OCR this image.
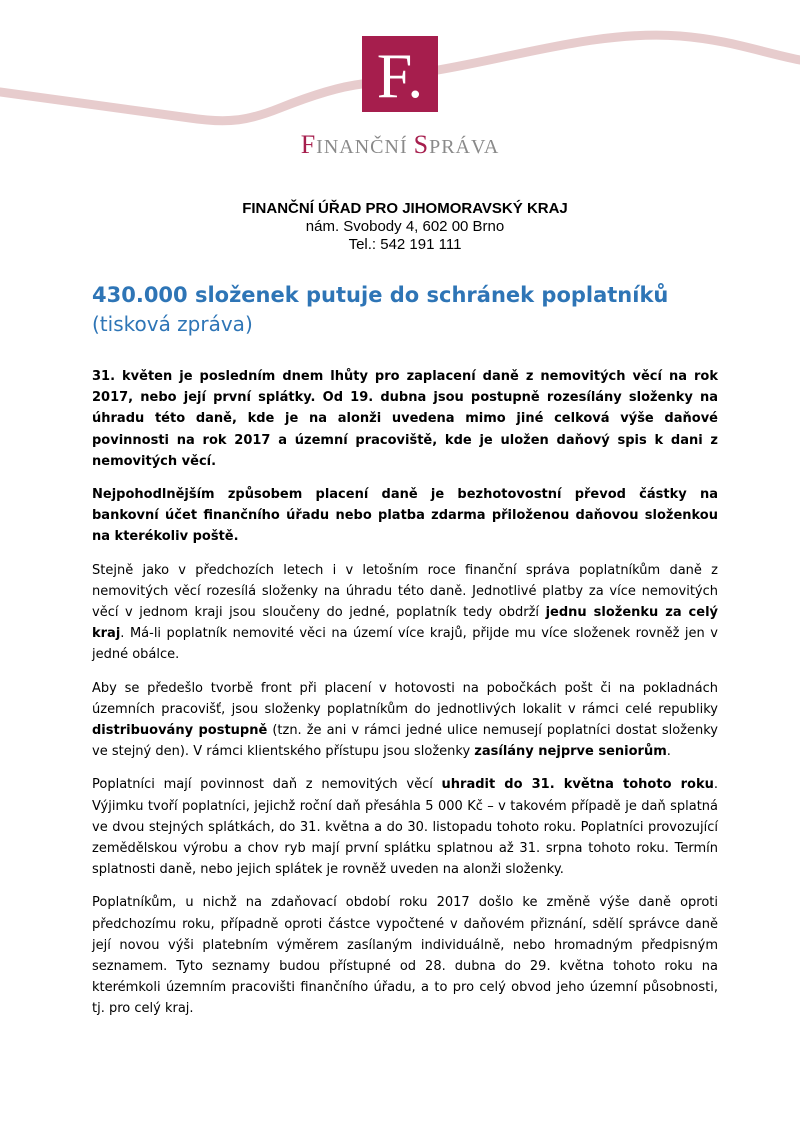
F.
FINANČNÍ SPRÁVA
FINANČNÍ ÚŘAD PRO JIHOMORAVSKÝ KRAJ
nám. Svobody 4, 602 00 Brno
Tel.: 542 191 111

430.000 složenek putuje do schránek poplatníků

(tisková zpráva)

31. květen je posledním dnem lhůty pro zaplacení daně z nemovitých věcí na rok 2017, nebo její první splátky. Od 19. dubna jsou postupně rozesílány složenky na úhradu této daně, kde je na alonži uvedena mimo jiné celková výše daňové povinnosti na rok 2017 a územní pracoviště, kde je uložen daňový spis k dani z nemovitých věcí.

Nejpohodlnějším způsobem placení daně je bezhotovostní převod částky na bankovní účet finančního úřadu nebo platba zdarma přiloženou daňovou složenkou na kterékoliv poště.

Stejně jako v předchozích letech i v letošním roce finanční správa poplatníkům daně z nemovitých věcí rozesílá složenky na úhradu této daně. Jednotlivé platby za více nemovitých věcí v jednom kraji jsou sloučeny do jedné, poplatník tedy obdrží jednu složenku za celý kraj. Má-li poplatník nemovité věci na území více krajů, přijde mu více složenek rovněž jen v jedné obálce.

Aby se předešlo tvorbě front při placení v hotovosti na pobočkách pošt či na pokladnách územních pracovišť, jsou složenky poplatníkům do jednotlivých lokalit v rámci celé republiky distribuovány postupně (tzn. že ani v rámci jedné ulice nemusejí poplatníci dostat složenky ve stejný den). V rámci klientského přístupu jsou složenky zasílány nejprve seniorům.

Poplatníci mají povinnost daň z nemovitých věcí uhradit do 31. května tohoto roku. Výjimku tvoří poplatníci, jejichž roční daň přesáhla 5 000 Kč – v takovém případě je daň splatná ve dvou stejných splátkách, do 31. května a do 30. listopadu tohoto roku. Poplatníci provozující zemědělskou výrobu a chov ryb mají první splátku splatnou až 31. srpna tohoto roku. Termín splatnosti daně, nebo jejich splátek je rovněž uveden na alonži složenky.

Poplatníkům, u nichž na zdaňovací období roku 2017 došlo ke změně výše daně oproti předchozímu roku, případně oproti částce vypočtené v daňovém přiznání, sdělí správce daně její novou výši platebním výměrem zasílaným individuálně, nebo hromadným předpisným seznamem. Tyto seznamy budou přístupné od 28. dubna do 29. května tohoto roku na kterémkoli územním pracovišti finančního úřadu, a to pro celý obvod jeho územní působnosti, tj. pro celý kraj.
